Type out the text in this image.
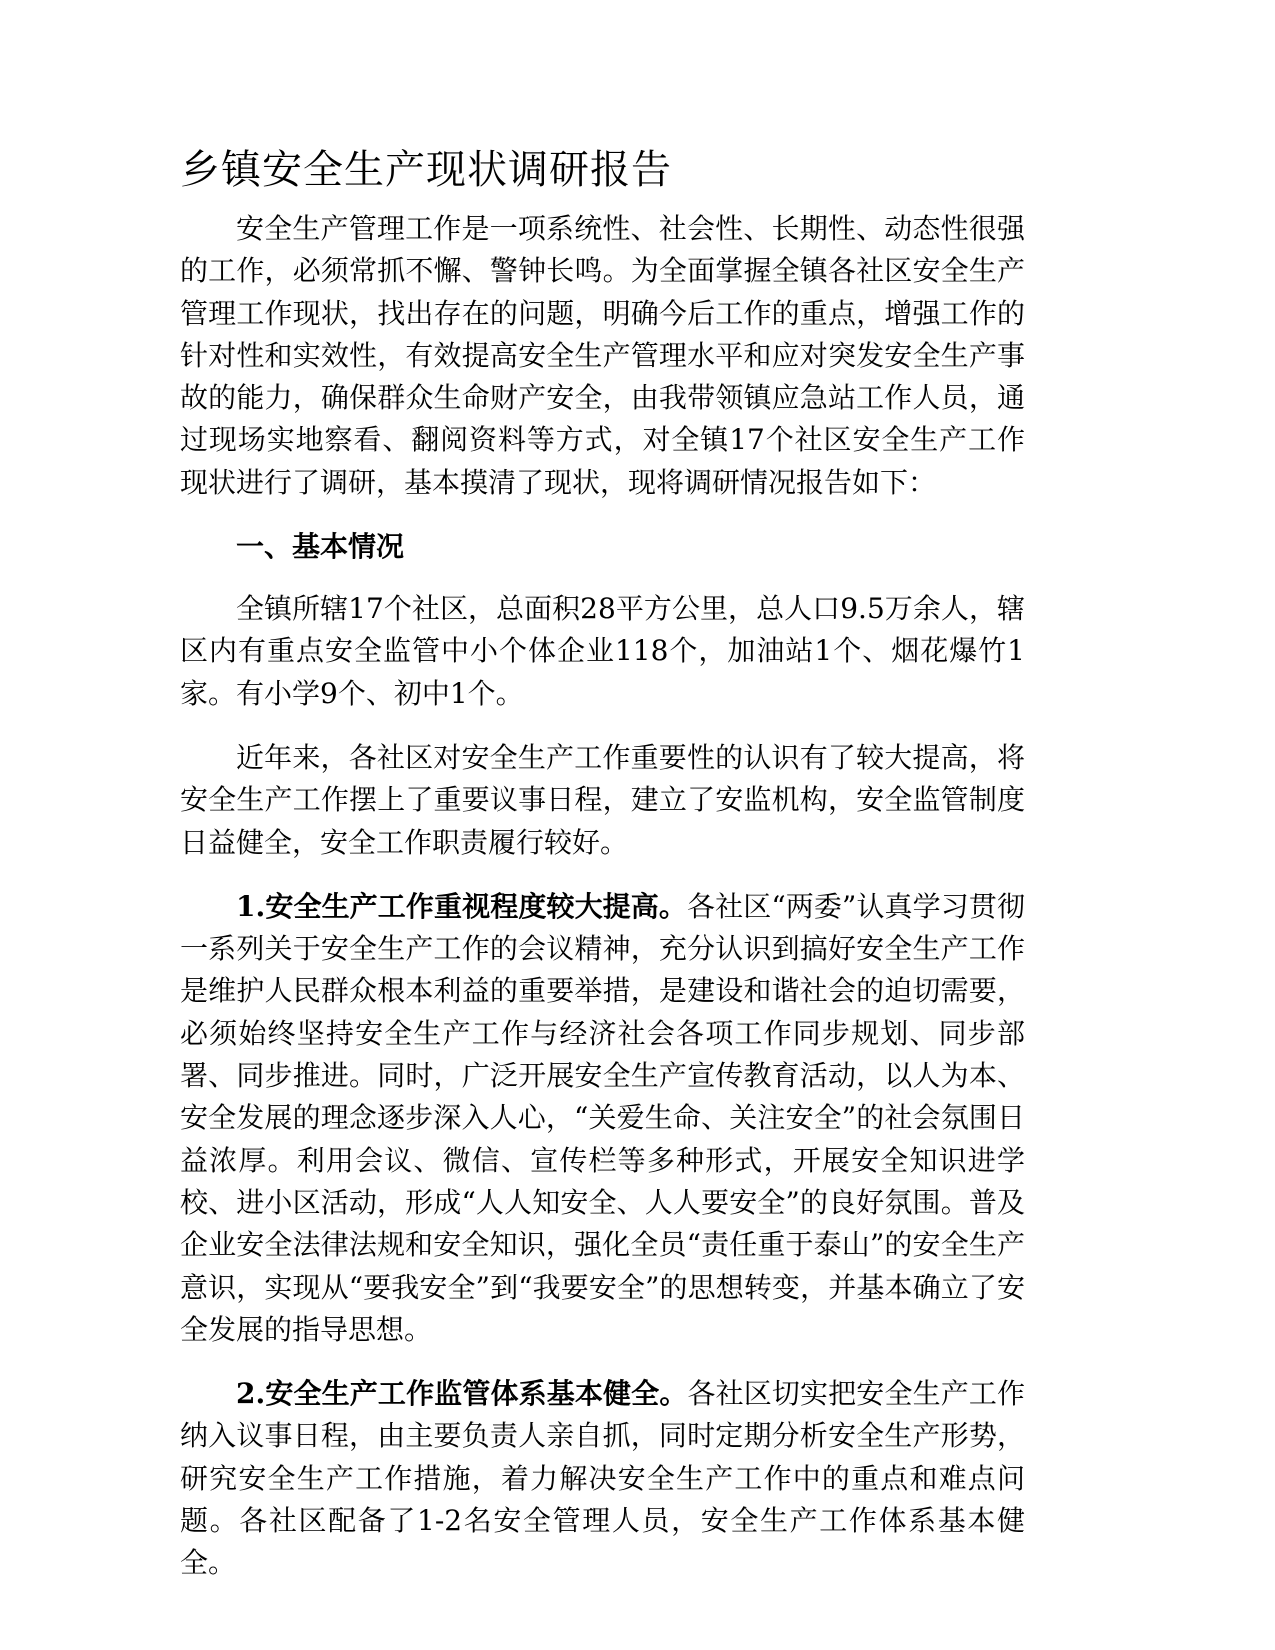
乡镇安全生产现状调研报告

安全生产管理工作是一项系统性、社会性、长期性、动态性很强的工作，必须常抓不懈、警钟长鸣。为全面掌握全镇各社区安全生产管理工作现状，找出存在的问题，明确今后工作的重点，增强工作的针对性和实效性，有效提高安全生产管理水平和应对突发安全生产事故的能力，确保群众生命财产安全，由我带领镇应急站工作人员，通过现场实地察看、翻阅资料等方式，对全镇17个社区安全生产工作现状进行了调研，基本摸清了现状，现将调研情况报告如下：

一、基本情况

全镇所辖17个社区，总面积28平方公里，总人口9.5万余人，辖区内有重点安全监管中小个体企业118个，加油站1个、烟花爆竹1家。有小学9个、初中1个。

近年来，各社区对安全生产工作重要性的认识有了较大提高，将安全生产工作摆上了重要议事日程，建立了安监机构，安全监管制度日益健全，安全工作职责履行较好。

1.安全生产工作重视程度较大提高。各社区“两委”认真学习贯彻一系列关于安全生产工作的会议精神，充分认识到搞好安全生产工作是维护人民群众根本利益的重要举措，是建设和谐社会的迫切需要，必须始终坚持安全生产工作与经济社会各项工作同步规划、同步部署、同步推进。同时，广泛开展安全生产宣传教育活动，以人为本、安全发展的理念逐步深入人心，“关爱生命、关注安全”的社会氛围日益浓厚。利用会议、微信、宣传栏等多种形式，开展安全知识进学校、进小区活动，形成“人人知安全、人人要安全”的良好氛围。普及企业安全法律法规和安全知识，强化全员“责任重于泰山”的安全生产意识，实现从“要我安全”到“我要安全”的思想转变，并基本确立了安全发展的指导思想。

2.安全生产工作监管体系基本健全。各社区切实把安全生产工作纳入议事日程，由主要负责人亲自抓，同时定期分析安全生产形势，研究安全生产工作措施，着力解决安全生产工作中的重点和难点问题。各社区配备了1-2名安全管理人员，安全生产工作体系基本健全。
